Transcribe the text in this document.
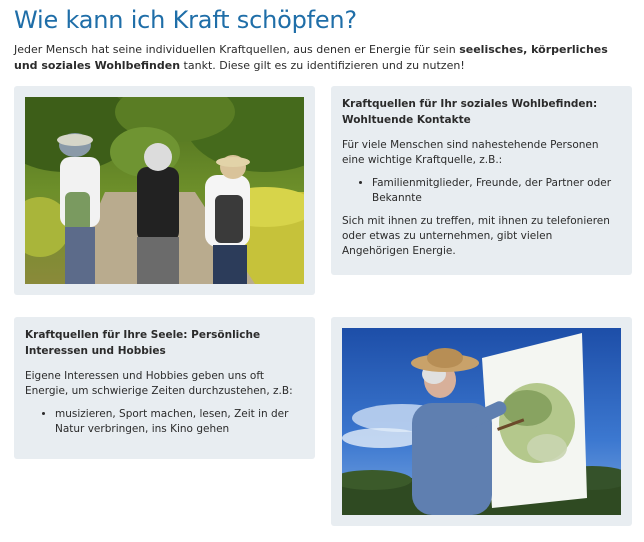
Wie kann ich Kraft schöpfen?
Jeder Mensch hat seine individuellen Kraftquellen, aus denen er Energie für sein seelisches, körperliches und soziales Wohlbefinden tankt. Diese gilt es zu identifizieren und zu nutzen!
Kraftquellen für Ihr soziales Wohlbefinden: Wohltuende Kontakte

Für viele Menschen sind nahestehende Personen eine wichtige Kraftquelle, z.B.:

• Familienmitglieder, Freunde, der Partner oder Bekannte

Sich mit ihnen zu treffen, mit ihnen zu telefonieren oder etwas zu unternehmen, gibt vielen Angehörigen Energie.

Kraftquellen für Ihre Seele: Persönliche Interessen und Hobbies

Eigene Interessen und Hobbies geben uns oft Energie, um schwierige Zeiten durchzustehen, z.B:

• musizieren, Sport machen, lesen, Zeit in der Natur verbringen, ins Kino gehen
